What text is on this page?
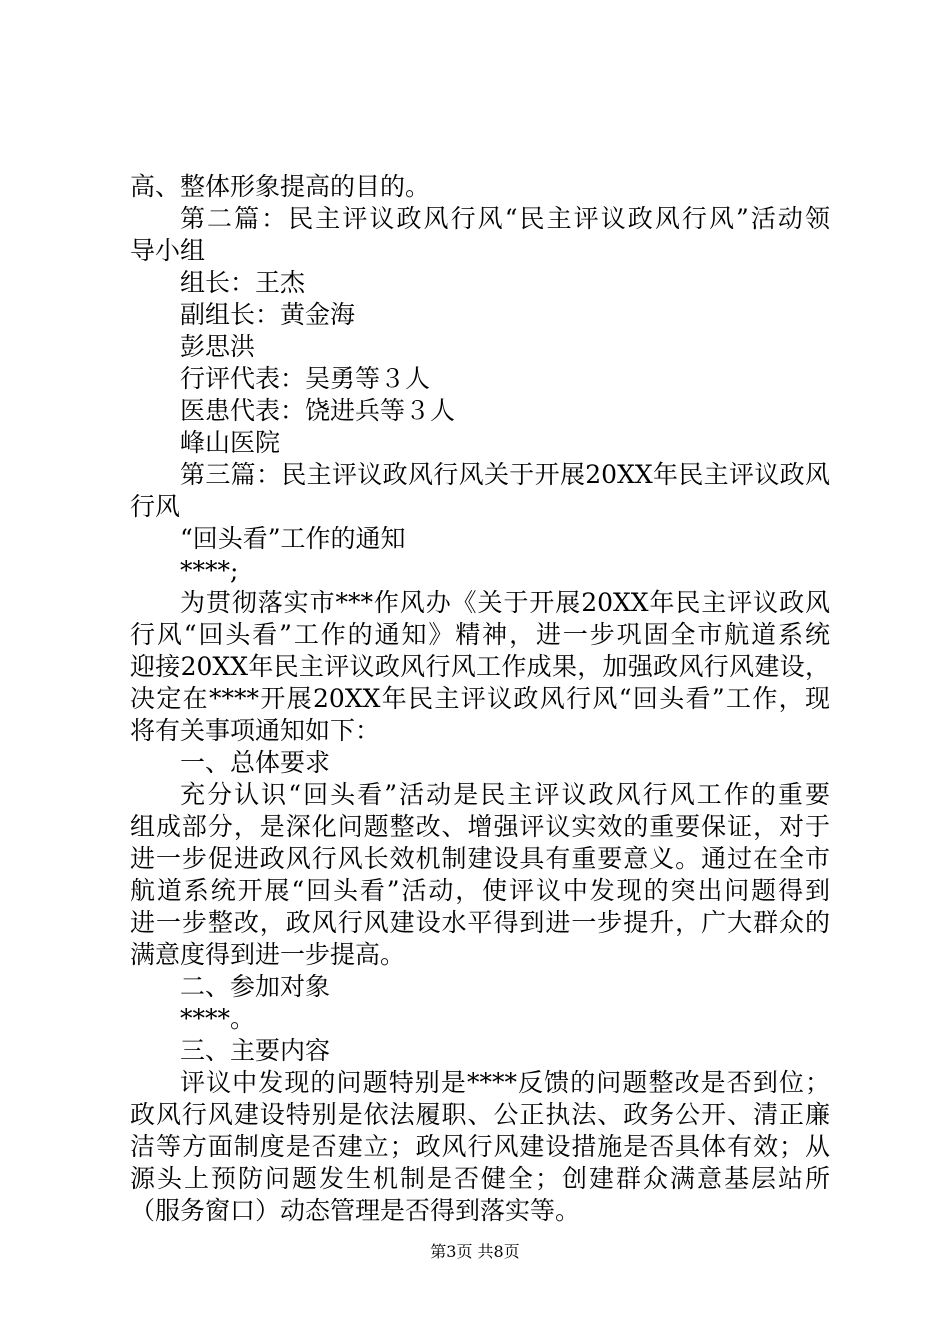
高、整体形象提高的目的。
第二篇：民主评议政风行风“民主评议政风行风”活动领
导小组
组长：王杰
副组长：黄金海
彭思洪
行评代表：吴勇等３人
医患代表：饶进兵等３人
峰山医院
第三篇：民主评议政风行风关于开展20XX年民主评议政风
行风
“回头看”工作的通知
****;
为贯彻落实市***作风办《关于开展20XX年民主评议政风
行风“回头看”工作的通知》精神，进一步巩固全市航道系统
迎接20XX年民主评议政风行风工作成果，加强政风行风建设，
决定在****开展20XX年民主评议政风行风“回头看”工作，现
将有关事项通知如下：
一、总体要求
充分认识“回头看”活动是民主评议政风行风工作的重要
组成部分，是深化问题整改、增强评议实效的重要保证，对于
进一步促进政风行风长效机制建设具有重要意义。通过在全市
航道系统开展“回头看”活动，使评议中发现的突出问题得到
进一步整改，政风行风建设水平得到进一步提升，广大群众的
满意度得到进一步提高。
二、参加对象
****。
三、主要内容
评议中发现的问题特别是****反馈的问题整改是否到位；
政风行风建设特别是依法履职、公正执法、政务公开、清正廉
洁等方面制度是否建立；政风行风建设措施是否具体有效；从
源头上预防问题发生机制是否健全；创建群众满意基层站所
（服务窗口）动态管理是否得到落实等。
第3页 共8页
